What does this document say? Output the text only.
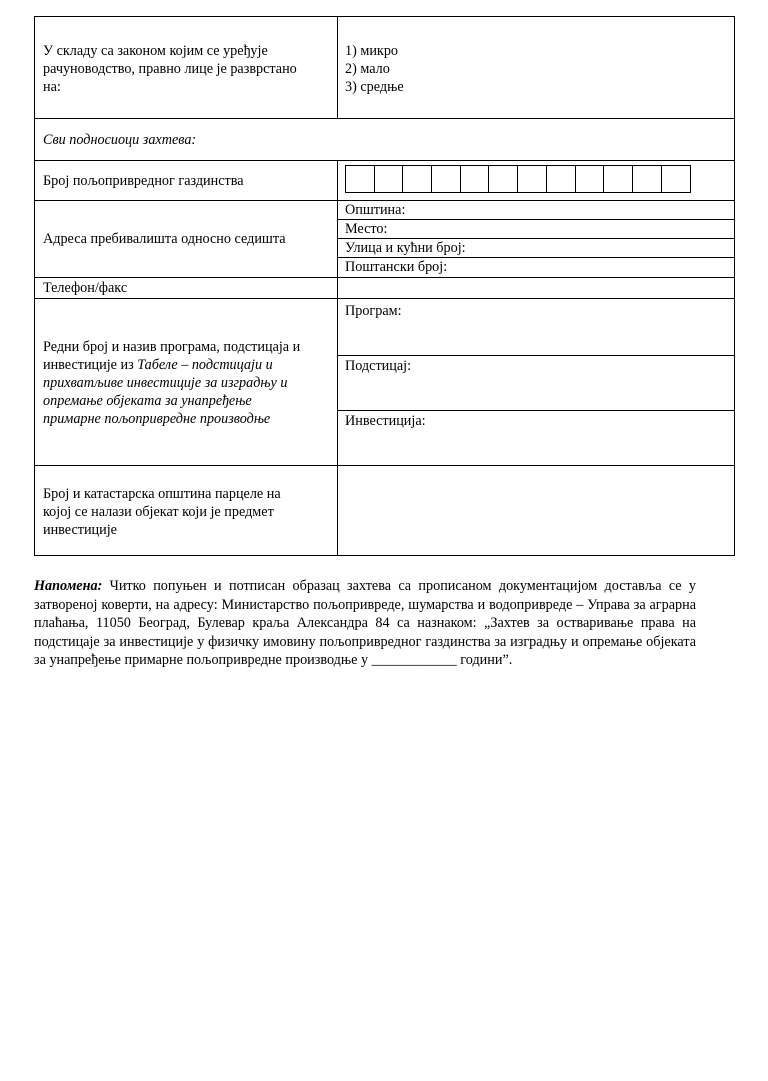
У складу са законом којим се уређује
рачуноводство, правно лице је разврстано
на:
1) микро
2) мало
3) средње
Сви подносиоци захтева:
Број пољопривредног газдинства
Адреса пребивалишта односно седишта
Општина:
Место:
Улица и кућни број:
Поштански број:
Телефон/факс
Редни број и назив програма, подстицаја и
инвестиције из Табеле – подстицаји и
прихватљиве инвестиције за изградњу и
опремање објеката за унапређење
примарне пољопривредне производње
Програм:
Подстицај:
Инвестиција:
Број и катастарска општина парцеле на
којој се налази објекат који је предмет
инвестиције
Напомена: Читко попуњен и потписан образац захтева са прописаном документацијом доставља се у затвореној коверти, на адресу: Министарство пољопривреде, шумарства и водопривреде – Управа за аграрна плаћања, 11050 Београд, Булевар краља Александра 84 са назнаком: „Захтев за остваривање права на подстицаје за инвестиције у физичку имовину пољопривредног газдинства за изградњу и опремање објеката за унапређење примарне пољопривредне производње у ____________ години”.
